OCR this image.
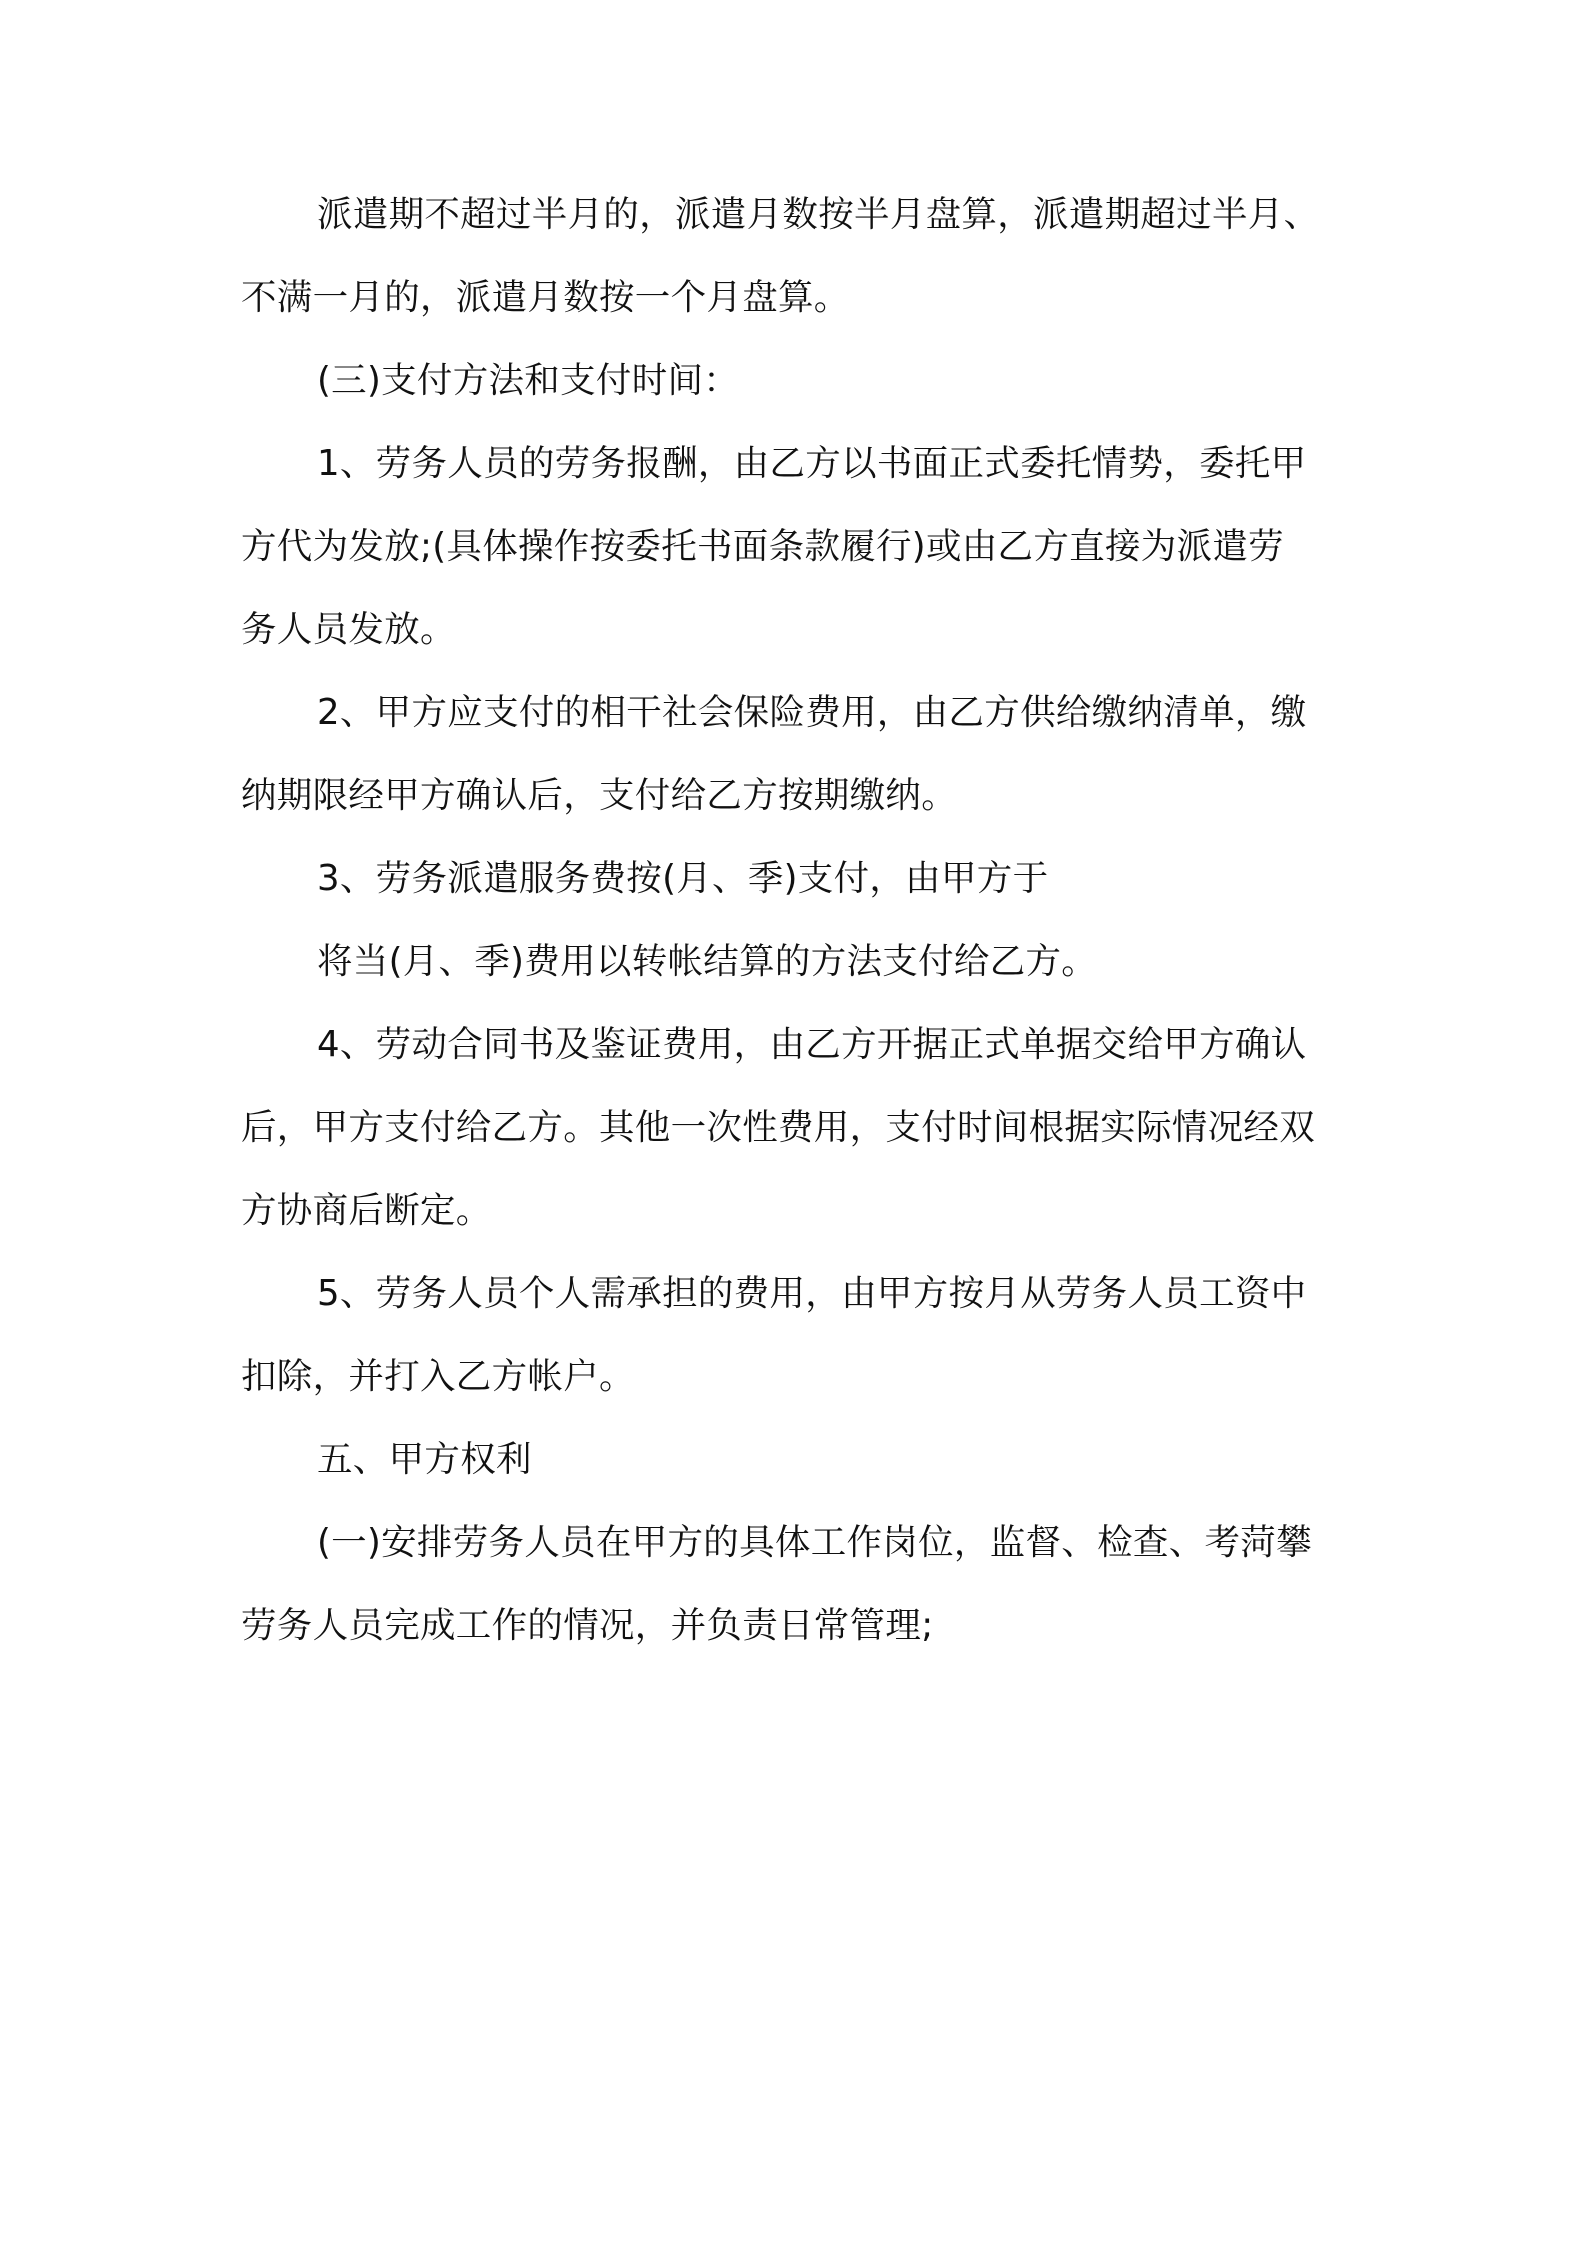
派遣期不超过半月的，派遣月数按半月盘算，派遣期超过半月、
不满一月的，派遣月数按一个月盘算。
(三)支付方法和支付时间：
1、劳务人员的劳务报酬，由乙方以书面正式委托情势，委托甲
方代为发放;(具体操作按委托书面条款履行)或由乙方直接为派遣劳
务人员发放。
2、甲方应支付的相干社会保险费用，由乙方供给缴纳清单，缴
纳期限经甲方确认后，支付给乙方按期缴纳。
3、劳务派遣服务费按(月、季)支付，由甲方于
将当(月、季)费用以转帐结算的方法支付给乙方。
4、劳动合同书及鉴证费用，由乙方开据正式单据交给甲方确认
后，甲方支付给乙方。其他一次性费用，支付时间根据实际情况经双
方协商后断定。
5、劳务人员个人需承担的费用，由甲方按月从劳务人员工资中
扣除，并打入乙方帐户。
五、甲方权利
(一)安排劳务人员在甲方的具体工作岗位，监督、检查、考菏攀
劳务人员完成工作的情况，并负责日常管理;
